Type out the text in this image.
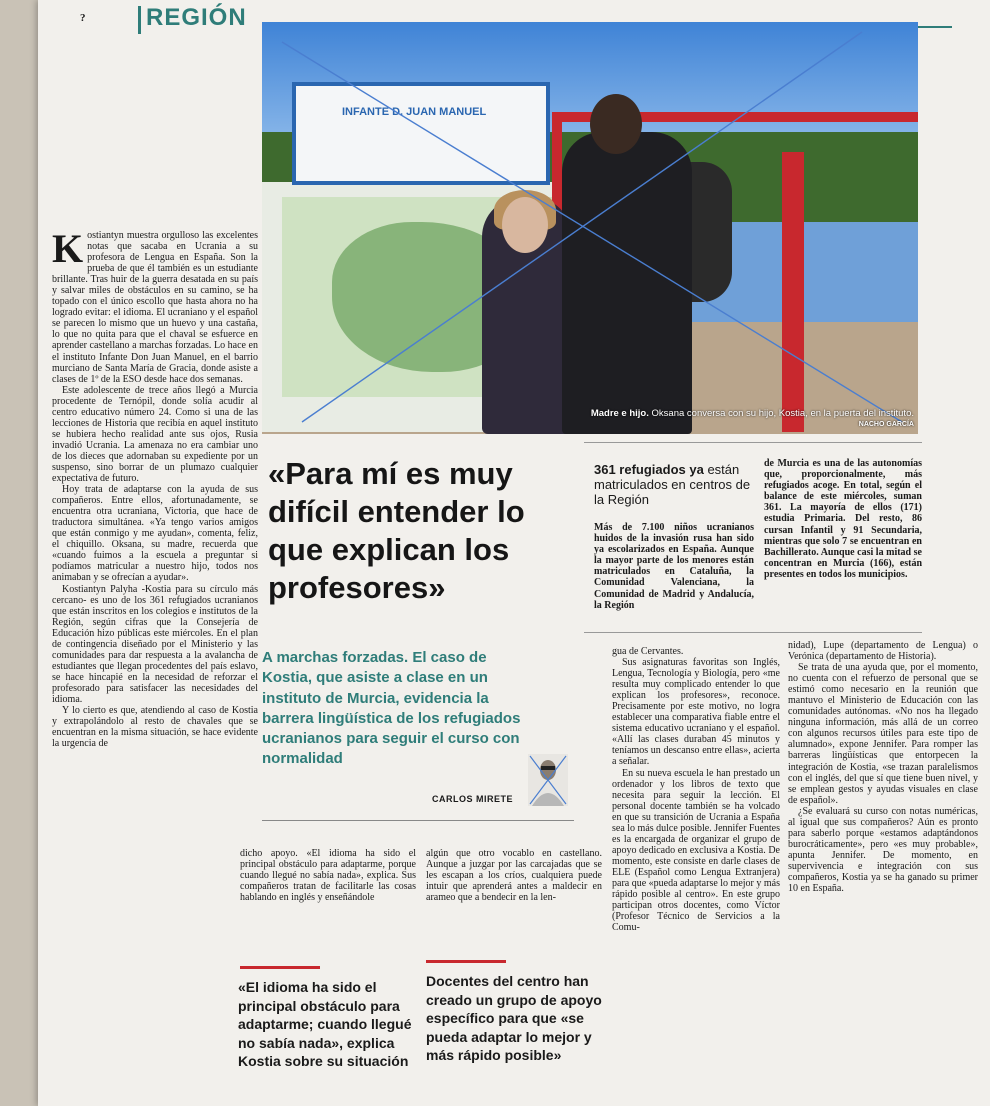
?	REGIÓN
INFANTE D. JUAN MANUEL
Madre e hijo. Oksana conversa con su hijo, Kostia, en la puerta del instituto.
NACHO GARCÍA

Kostiantyn muestra orgulloso las excelentes notas que sacaba en Ucrania a su profesora de Lengua en España. Son la prueba de que él también es un estudiante brillante. Tras huir de la guerra desatada en su país y salvar miles de obstáculos en su camino, se ha topado con el único escollo que hasta ahora no ha logrado evitar: el idioma. El ucraniano y el español se parecen lo mismo que un huevo y una castaña, lo que no quita para que el chaval se esfuerce en aprender castellano a marchas forzadas. Lo hace en el instituto Infante Don Juan Manuel, en el barrio murciano de Santa María de Gracia, donde asiste a clases de 1º de la ESO desde hace dos semanas.

Este adolescente de trece años llegó a Murcia procedente de Ternópil, donde solía acudir al centro educativo número 24. Como si una de las lecciones de Historia que recibía en aquel instituto se hubiera hecho realidad ante sus ojos, Rusia invadió Ucrania. La amenaza no era cambiar uno de los dieces que adornaban su expediente por un suspenso, sino borrar de un plumazo cualquier expectativa de futuro.

Hoy trata de adaptarse con la ayuda de sus compañeros. Entre ellos, afortunadamente, se encuentra otra ucraniana, Victoria, que hace de traductora simultánea. «Ya tengo varios amigos que están conmigo y me ayudan», comenta, feliz, el chiquillo. Oksana, su madre, recuerda que «cuando fuimos a la escuela a preguntar si podíamos matricular a nuestro hijo, todos nos animaban y se ofrecían a ayudar».

Kostiantyn Palyha -Kostia para su círculo más cercano- es uno de los 361 refugiados ucranianos que están inscritos en los colegios e institutos de la Región, según cifras que la Consejería de Educación hizo públicas este miércoles. En el plan de contingencia diseñado por el Ministerio y las comunidades para dar respuesta a la avalancha de estudiantes que llegan procedentes del país eslavo, se hace hincapié en la necesidad de reforzar el profesorado para satisfacer las necesidades del idioma.

Y lo cierto es que, atendiendo al caso de Kostia y extrapolándolo al resto de chavales que se encuentran en la misma situación, se hace evidente la urgencia de

«Para mí es muy difícil entender lo que explican los profesores»
361 refugiados ya están matriculados en centros de la Región
Más de 7.100 niños ucranianos huidos de la invasión rusa han sido ya escolarizados en España. Aunque la mayor parte de los menores están matriculados en Cataluña, la Comunidad Valenciana, la Comunidad de Madrid y Andalucía, la Región
de Murcia es una de las autonomías que, proporcionalmente, más refugiados acoge. En total, según el balance de este miércoles, suman 361. La mayoría de ellos (171) estudia Primaria. Del resto, 86 cursan Infantil y 91 Secundaria, mientras que solo 7 se encuentran en Bachillerato. Aunque casi la mitad se concentran en Murcia (166), están presentes en todos los municipios.
A marchas forzadas. El caso de Kostia, que asiste a clase en un instituto de Murcia, evidencia la barrera lingüística de los refugiados ucranianos para seguir el curso con normalidad
CARLOS MIRETE
dicho apoyo. «El idioma ha sido el principal obstáculo para adaptarme, porque cuando llegué no sabía nada», explica. Sus compañeros tratan de facilitarle las cosas hablando en inglés y enseñándole
algún que otro vocablo en castellano. Aunque a juzgar por las carcajadas que se les escapan a los críos, cualquiera puede intuir que aprenderá antes a maldecir en arameo que a bendecir en la len-
«El idioma ha sido el principal obstáculo para adaptarme; cuando llegué no sabía nada», explica Kostia sobre su situación
Docentes del centro han creado un grupo de apoyo específico para que «se pueda adaptar lo mejor y más rápido posible»

gua de Cervantes.

Sus asignaturas favoritas son Inglés, Lengua, Tecnología y Biología, pero «me resulta muy complicado entender lo que explican los profesores», reconoce. Precisamente por este motivo, no logra establecer una comparativa fiable entre el sistema educativo ucraniano y el español. «Allí las clases duraban 45 minutos y teníamos un descanso entre ellas», acierta a señalar.

En su nueva escuela le han prestado un ordenador y los libros de texto que necesita para seguir la lección. El personal docente también se ha volcado en que su transición de Ucrania a España sea lo más dulce posible. Jennifer Fuentes es la encargada de organizar el grupo de apoyo dedicado en exclusiva a Kostia. De momento, este consiste en darle clases de ELE (Español como Lengua Extranjera) para que «pueda adaptarse lo mejor y más rápido posible al centro». En este grupo participan otros docentes, como Víctor (Profesor Técnico de Servicios a la Comu-

nidad), Lupe (departamento de Lengua) o Verónica (departamento de Historia).

Se trata de una ayuda que, por el momento, no cuenta con el refuerzo de personal que se estimó como necesario en la reunión que mantuvo el Ministerio de Educación con las comunidades autónomas. «No nos ha llegado ninguna información, más allá de un correo con algunos recursos útiles para este tipo de alumnado», expone Jennifer. Para romper las barreras lingüísticas que entorpecen la integración de Kostia, «se trazan paralelismos con el inglés, del que sí que tiene buen nivel, y se emplean gestos y ayudas visuales en clase de español».

¿Se evaluará su curso con notas numéricas, al igual que sus compañeros? Aún es pronto para saberlo porque «estamos adaptándonos burocráticamente», pero «es muy probable», apunta Jennifer. De momento, en supervivencia e integración con sus compañeros, Kostia ya se ha ganado su primer 10 en España.
